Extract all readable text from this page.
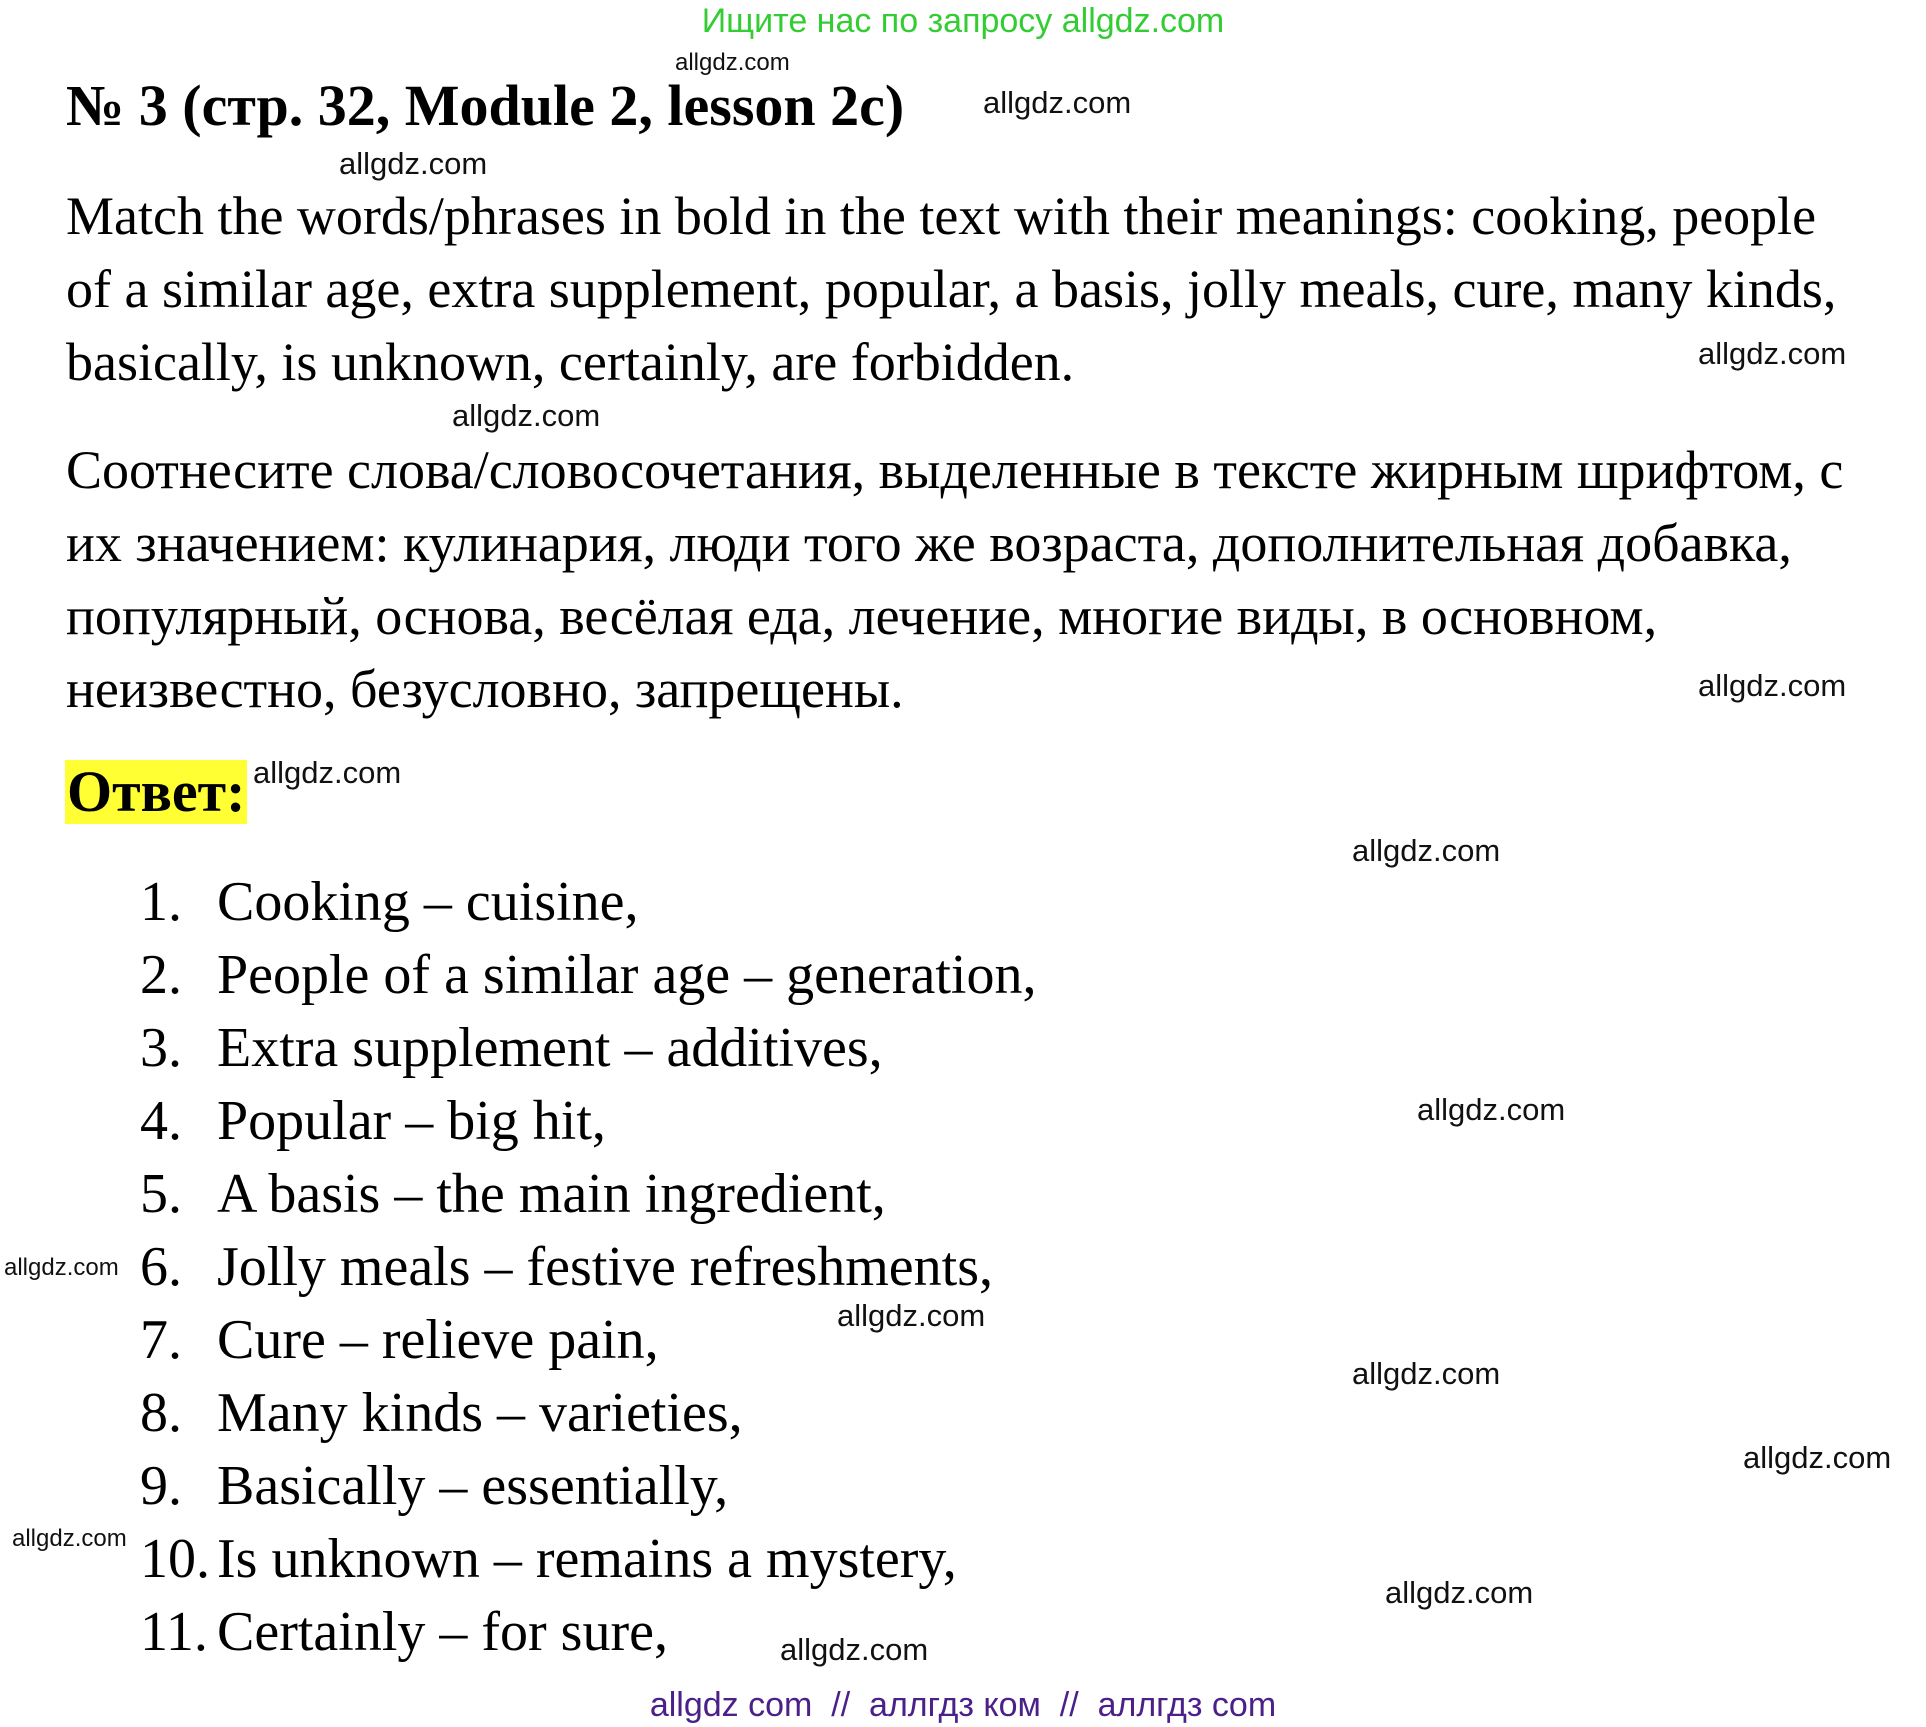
Ищите нас по запросу allgdz.com
№ 3 (стр. 32, Module 2, lesson 2c)

Match the words/phrases in bold in the text with their meanings: cooking, people of a similar age, extra supplement, popular, a basis, jolly meals, cure, many kinds, basically, is unknown, certainly, are forbidden.

Соотнесите слова/словосочетания, выделенные в тексте жирным шрифтом, с их значением: кулинария, люди того же возраста, дополнительная добавка, популярный, основа, весёлая еда, лечение, многие виды, в основном, неизвестно, безусловно, запрещены.

Ответ:
1. Cooking – cuisine,
2. People of a similar age – generation,
3. Extra supplement – additives,
4. Popular – big hit,
5. A basis – the main ingredient,
6. Jolly meals – festive refreshments,
7. Cure – relieve pain,
8. Many kinds – varieties,
9. Basically – essentially,
10. Is unknown – remains a mystery,
11. Certainly – for sure,
allgdz.com
allgdz.com
allgdz.com
allgdz.com
allgdz.com
allgdz.com
allgdz.com
allgdz.com
allgdz.com
allgdz.com
allgdz.com
allgdz.com
allgdz.com
allgdz.com
allgdz.com
allgdz.com
allgdz com  //  аллгдз ком  //  аллгдз com
